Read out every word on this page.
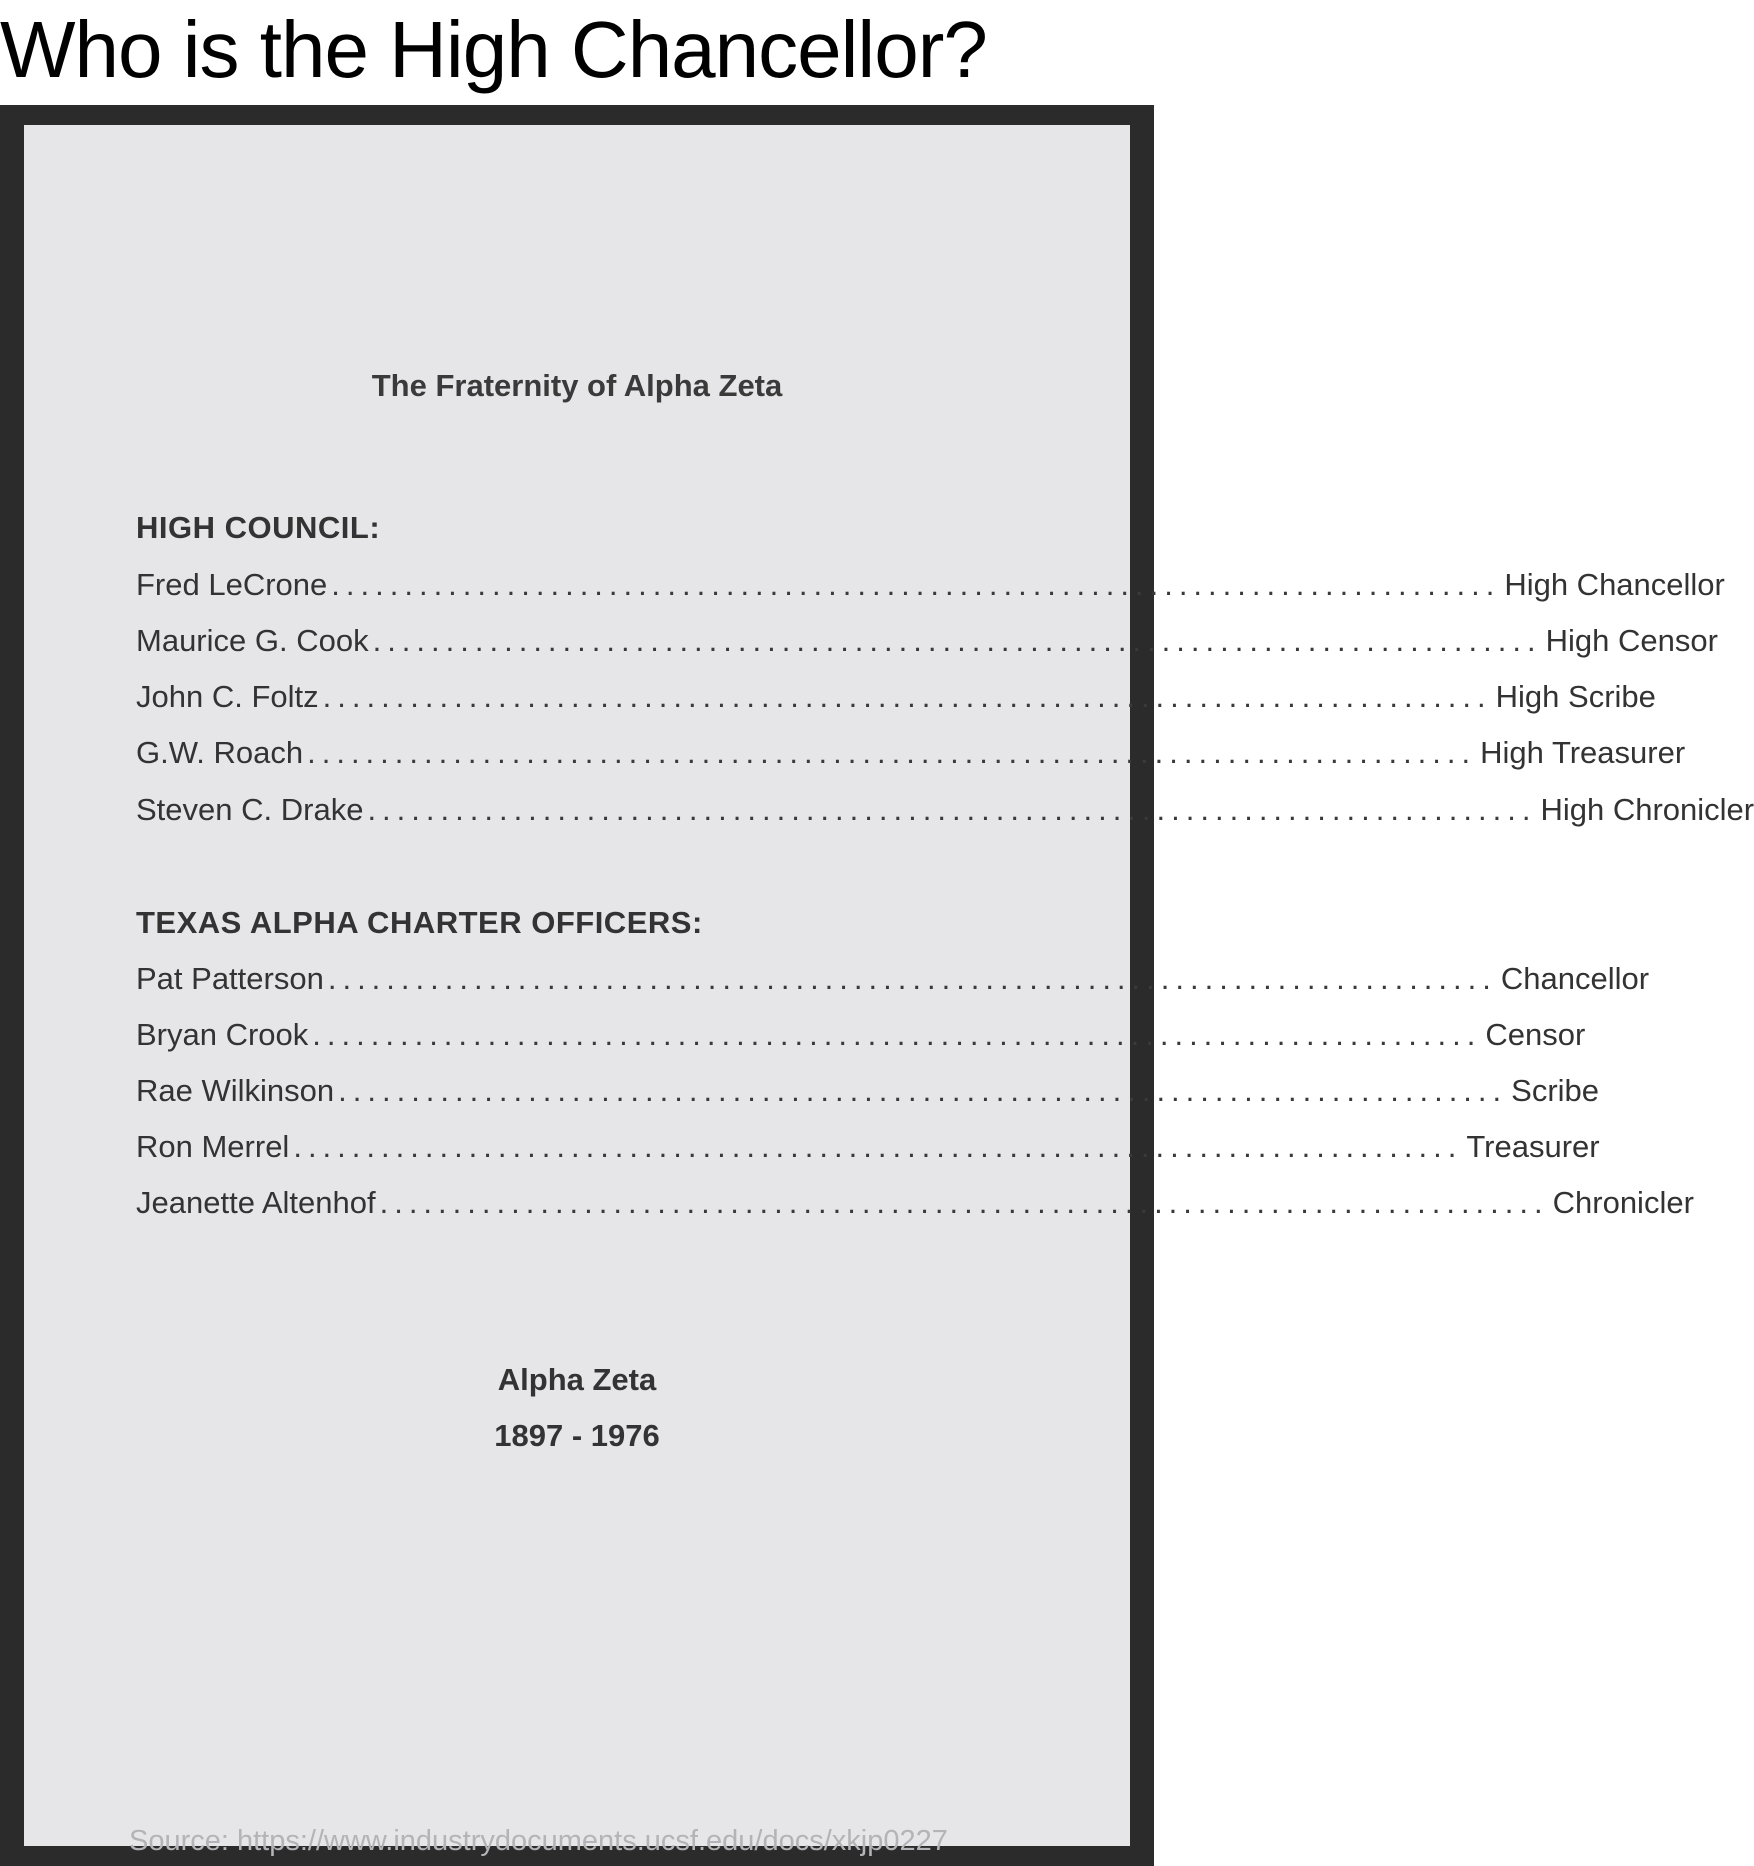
Who is the High Chancellor?
The Fraternity of Alpha Zeta
HIGH COUNCIL:
Fred LeCrone ................................................................................ High Chancellor
Maurice G. Cook ................................................................................ High Censor
John C. Foltz ................................................................................ High Scribe
G.W. Roach ................................................................................ High Treasurer
Steven C. Drake ................................................................................ High Chronicler
TEXAS ALPHA CHARTER OFFICERS:
Pat Patterson ................................................................................ Chancellor
Bryan Crook ................................................................................ Censor
Rae Wilkinson ................................................................................ Scribe
Ron Merrel ................................................................................ Treasurer
Jeanette Altenhof ................................................................................ Chronicler
Alpha Zeta
1897 - 1976
Source: https://www.industrydocuments.ucsf.edu/docs/xkjp0227
